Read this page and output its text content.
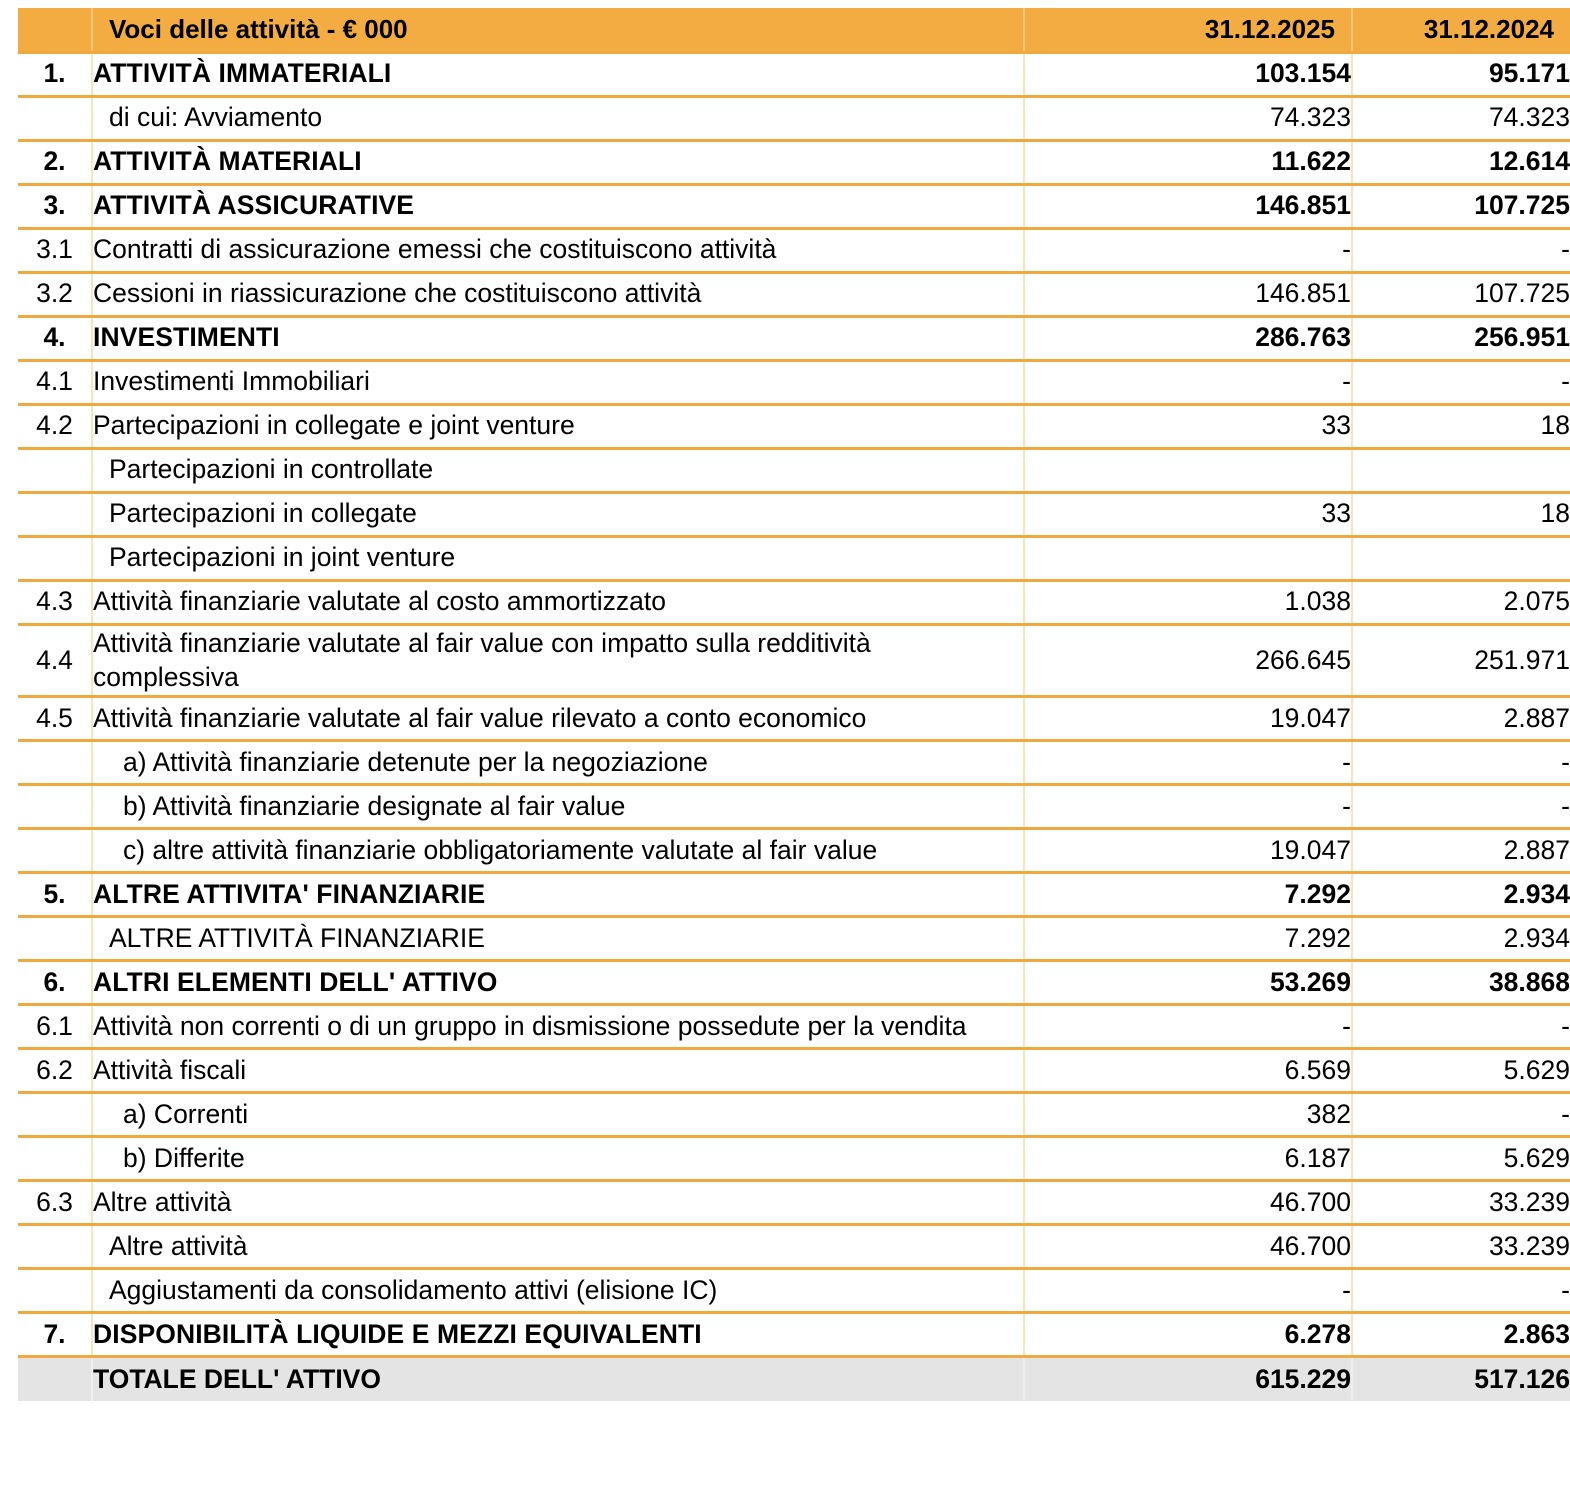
	Voci delle attività - € 000	31.12.2025	31.12.2024
1.	ATTIVITÀ IMMATERIALI	103.154	95.171
	di cui: Avviamento	74.323	74.323
2.	ATTIVITÀ MATERIALI	11.622	12.614
3.	ATTIVITÀ ASSICURATIVE	146.851	107.725
3.1	Contratti di assicurazione emessi che costituiscono attività	-	-
3.2	Cessioni in riassicurazione che costituiscono attività	146.851	107.725
4.	INVESTIMENTI	286.763	256.951
4.1	Investimenti Immobiliari	-	-
4.2	Partecipazioni in collegate e joint venture	33	18
	Partecipazioni in controllate		
	Partecipazioni in collegate	33	18
	Partecipazioni in joint venture		
4.3	Attività finanziarie valutate al costo ammortizzato	1.038	2.075
4.4	Attività finanziarie valutate al fair value con impatto sulla redditività complessiva	266.645	251.971
4.5	Attività finanziarie valutate al fair value rilevato a conto economico	19.047	2.887
	a) Attività finanziarie detenute per la negoziazione	-	-
	b) Attività finanziarie designate al fair value	-	-
	c) altre attività finanziarie obbligatoriamente valutate al fair value	19.047	2.887
5.	ALTRE ATTIVITA' FINANZIARIE	7.292	2.934
	ALTRE ATTIVITÀ FINANZIARIE	7.292	2.934
6.	ALTRI ELEMENTI DELL' ATTIVO	53.269	38.868
6.1	Attività non correnti o di un gruppo in dismissione possedute per la vendita	-	-
6.2	Attività fiscali	6.569	5.629
	a) Correnti	382	-
	b) Differite	6.187	5.629
6.3	Altre attività	46.700	33.239
	Altre attività	46.700	33.239
	Aggiustamenti da consolidamento attivi (elisione IC)	-	-
7.	DISPONIBILITÀ LIQUIDE E MEZZI EQUIVALENTI	6.278	2.863
	TOTALE DELL' ATTIVO	615.229	517.126
